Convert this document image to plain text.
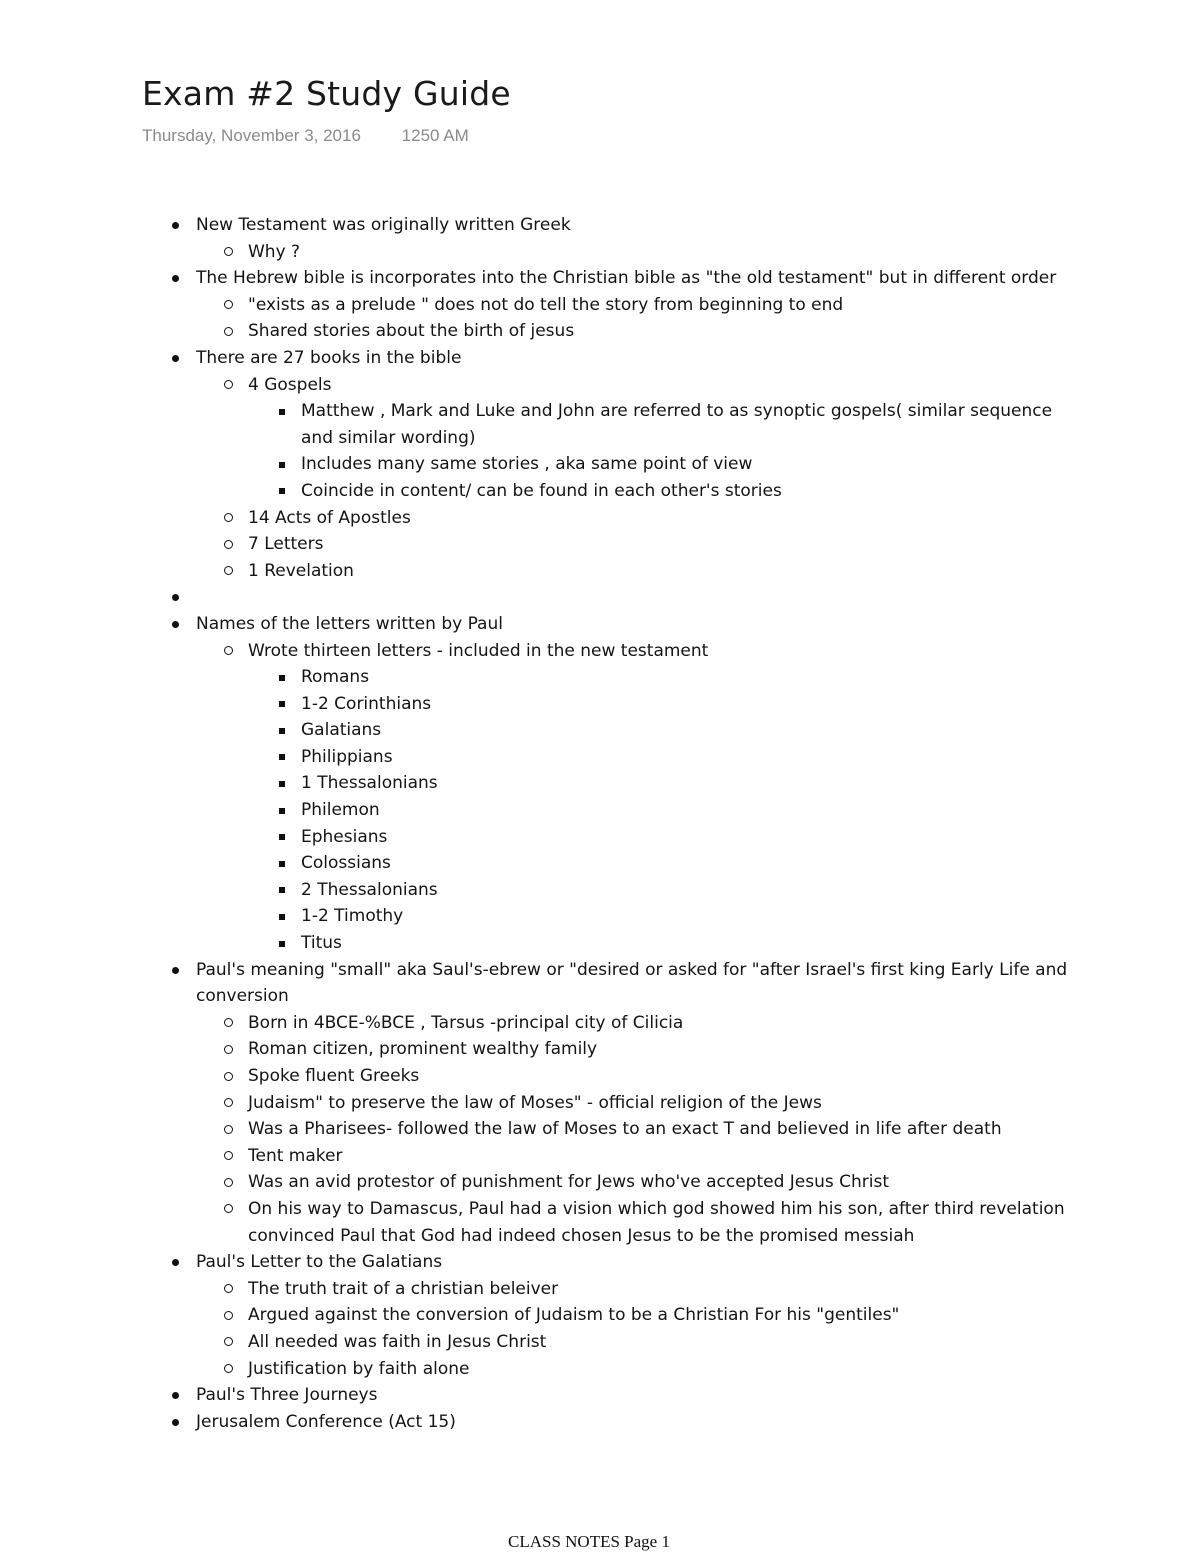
Exam #2 Study Guide
Thursday, November 3, 2016 1250 AM
New Testament was originally written Greek
Why ?
The Hebrew bible is incorporates into the Christian bible as "the old testament" but in different order
"exists as a prelude " does not do tell the story from beginning to end
Shared stories about the birth of jesus
There are 27 books in the bible
4 Gospels
Matthew , Mark and Luke and John are referred to as synoptic gospels( similar sequence and similar wording)
Includes many same stories , aka same point of view
Coincide in content/ can be found in each other's stories
14 Acts of Apostles
7 Letters
1 Revelation
Names of the letters written by Paul
Wrote thirteen letters - included in the new testament
Romans
1-2 Corinthians
Galatians
Philippians
1 Thessalonians
Philemon
Ephesians
Colossians
2 Thessalonians
1-2 Timothy
Titus
Paul's meaning "small" aka Saul's-ebrew or "desired or asked for "after Israel's first king Early Life and conversion
Born in 4BCE-%BCE , Tarsus -principal city of Cilicia
Roman citizen, prominent wealthy family
Spoke fluent Greeks
Judaism" to preserve the law of Moses" - official religion of the Jews
Was a Pharisees- followed the law of Moses to an exact T and believed in life after death
Tent maker
Was an avid protestor of punishment for Jews who've accepted Jesus Christ
On his way to Damascus, Paul had a vision which god showed him his son, after third revelation convinced Paul that God had indeed chosen Jesus to be the promised messiah
Paul's Letter to the Galatians
The truth trait of a christian beleiver
Argued against the conversion of Judaism to be a Christian For his "gentiles"
All needed was faith in Jesus Christ
Justification by faith alone
Paul's Three Journeys
Jerusalem Conference (Act 15)
CLASS NOTES Page 1
